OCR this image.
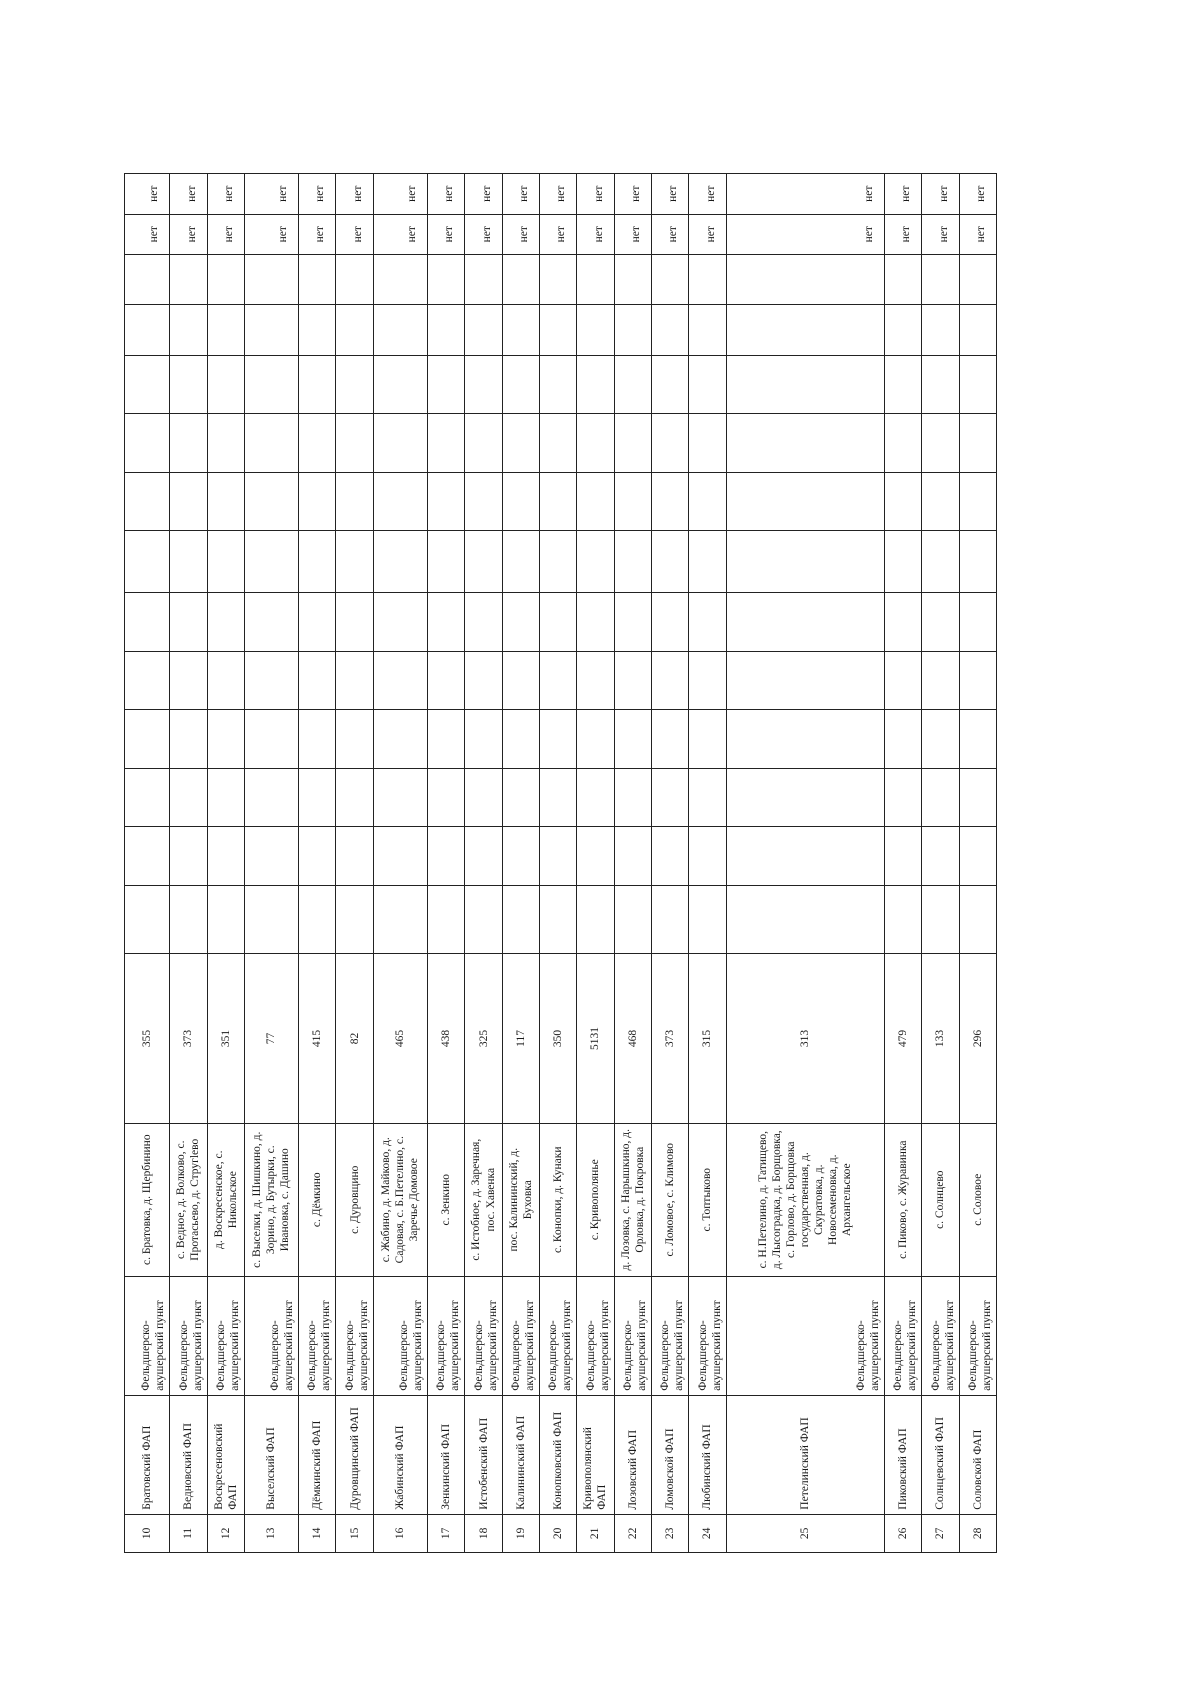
10	Братовский ФАП	Фельдшерско-акушерский пункт	с. Братовка, д. Щербинино	355													нет	нет
11	Ведновский ФАП	Фельдшерско-акушерский пункт	с. Ведное, д. Волково, с. Протасьево, д. Стругleво	373													нет	нет
12	Воскресеновский ФАП	Фельдшерско-акушерский пункт	д. Воскресенское, с. Никольское	351													нет	нет
13	Выселский ФАП	Фельдшерско-акушерский пункт	с. Выселки, д. Шишкино, д. Зорино, д. Бутырки, с. Ивановка, с. Дашино	77													нет	нет
14	Дёмкинский ФАП	Фельдшерско-акушерский пункт	с. Дёмкино	415													нет	нет
15	Дуровщинский ФАП	Фельдшерско-акушерский пункт	с. Дуровщино	82													нет	нет
16	Жабинский ФАП	Фельдшерско-акушерский пункт	с. Жабино, д. Майково, д. Садовая, с. Б.Петелино, с. Заречье Домовое	465													нет	нет
17	Зенкинский ФАП	Фельдшерско-акушерский пункт	с. Зенкино	438													нет	нет
18	Истобенский ФАП	Фельдшерско-акушерский пункт	с. Истобное, д. Заречная, пос. Хавенка	325													нет	нет
19	Калининский ФАП	Фельдшерско-акушерский пункт	пос. Калининский, д. Буховка	117													нет	нет
20	Конопковский ФАП	Фельдшерско-акушерский пункт	с. Конопки, д. Кунаки	350													нет	нет
21	Кривополянский ФАП	Фельдшерско-акушерский пункт	с. Кривополянье	5131													нет	нет
22	Лозовский ФАП	Фельдшерско-акушерский пункт	д. Лозовка, с. Нарышкино, д. Орловка, д. Покровка	468													нет	нет
23	Ломовской ФАП	Фельдшерско-акушерский пункт	с. Ломовое, с. Климово	373													нет	нет
24	Любинский ФАП	Фельдшерско-акушерский пункт	с. Топтыково	315													нет	нет
25	Петелинский ФАП	Фельдшерско-акушерский пункт	с. Н.Петелино, д. Татищево, д. Лысоградка, д. Борщовка, с. Горлово, д. Борщовка государственная, д. Скуратовка, д. Новосеменовка, д. Архангельское	313													нет	нет
26	Пиковский ФАП	Фельдшерско-акушерский пункт	с. Пиково, с. Журавинка	479													нет	нет
27	Солнцевский ФАП	Фельдшерско-акушерский пункт	с. Солнцево	133													нет	нет
28	Соловской ФАП	Фельдшерско-акушерский пункт	с. Соловое	296													нет	нет
